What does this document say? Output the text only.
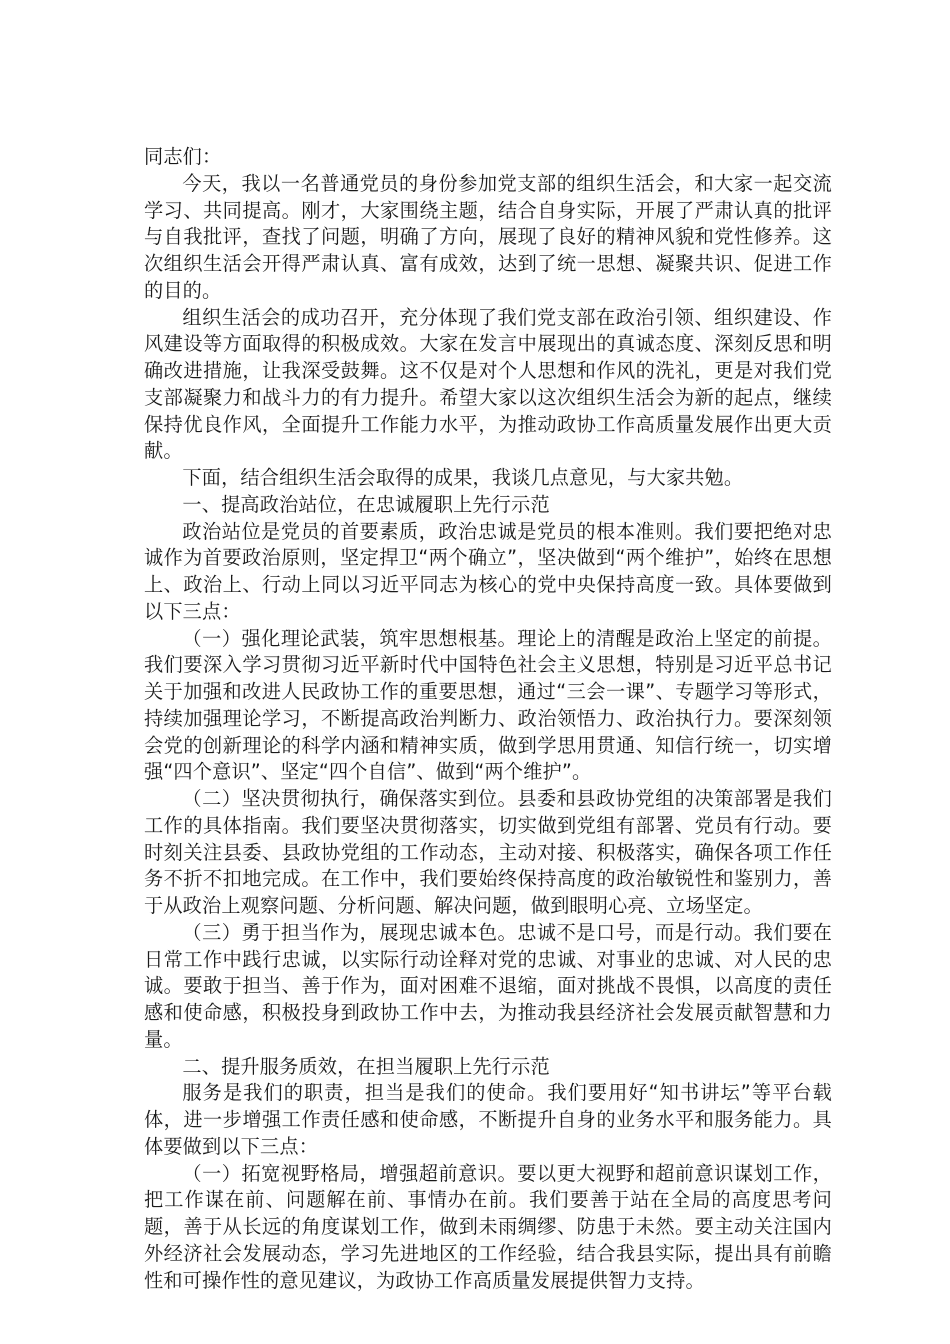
同志们：

今天，我以一名普通党员的身份参加党支部的组织生活会，和大家一起交流学习、共同提高。刚才，大家围绕主题，结合自身实际，开展了严肃认真的批评与自我批评，查找了问题，明确了方向，展现了良好的精神风貌和党性修养。这次组织生活会开得严肃认真、富有成效，达到了统一思想、凝聚共识、促进工作的目的。

组织生活会的成功召开，充分体现了我们党支部在政治引领、组织建设、作风建设等方面取得的积极成效。大家在发言中展现出的真诚态度、深刻反思和明确改进措施，让我深受鼓舞。这不仅是对个人思想和作风的洗礼，更是对我们党支部凝聚力和战斗力的有力提升。希望大家以这次组织生活会为新的起点，继续保持优良作风，全面提升工作能力水平，为推动政协工作高质量发展作出更大贡献。

下面，结合组织生活会取得的成果，我谈几点意见，与大家共勉。

一、提高政治站位，在忠诚履职上先行示范

政治站位是党员的首要素质，政治忠诚是党员的根本准则。我们要把绝对忠诚作为首要政治原则，坚定捍卫“两个确立”，坚决做到“两个维护”，始终在思想上、政治上、行动上同以习近平同志为核心的党中央保持高度一致。具体要做到以下三点：

（一）强化理论武装，筑牢思想根基。理论上的清醒是政治上坚定的前提。我们要深入学习贯彻习近平新时代中国特色社会主义思想，特别是习近平总书记关于加强和改进人民政协工作的重要思想，通过“三会一课”、专题学习等形式，持续加强理论学习，不断提高政治判断力、政治领悟力、政治执行力。要深刻领会党的创新理论的科学内涵和精神实质，做到学思用贯通、知信行统一，切实增强“四个意识”、坚定“四个自信”、做到“两个维护”。

（二）坚决贯彻执行，确保落实到位。县委和县政协党组的决策部署是我们工作的具体指南。我们要坚决贯彻落实，切实做到党组有部署、党员有行动。要时刻关注县委、县政协党组的工作动态，主动对接、积极落实，确保各项工作任务不折不扣地完成。在工作中，我们要始终保持高度的政治敏锐性和鉴别力，善于从政治上观察问题、分析问题、解决问题，做到眼明心亮、立场坚定。

（三）勇于担当作为，展现忠诚本色。忠诚不是口号，而是行动。我们要在日常工作中践行忠诚，以实际行动诠释对党的忠诚、对事业的忠诚、对人民的忠诚。要敢于担当、善于作为，面对困难不退缩，面对挑战不畏惧，以高度的责任感和使命感，积极投身到政协工作中去，为推动我县经济社会发展贡献智慧和力量。

二、提升服务质效，在担当履职上先行示范

服务是我们的职责，担当是我们的使命。我们要用好“知书讲坛”等平台载体，进一步增强工作责任感和使命感，不断提升自身的业务水平和服务能力。具体要做到以下三点：

（一）拓宽视野格局，增强超前意识。要以更大视野和超前意识谋划工作，把工作谋在前、问题解在前、事情办在前。我们要善于站在全局的高度思考问题，善于从长远的角度谋划工作，做到未雨绸缪、防患于未然。要主动关注国内外经济社会发展动态，学习先进地区的工作经验，结合我县实际，提出具有前瞻性和可操作性的意见建议，为政协工作高质量发展提供智力支持。
